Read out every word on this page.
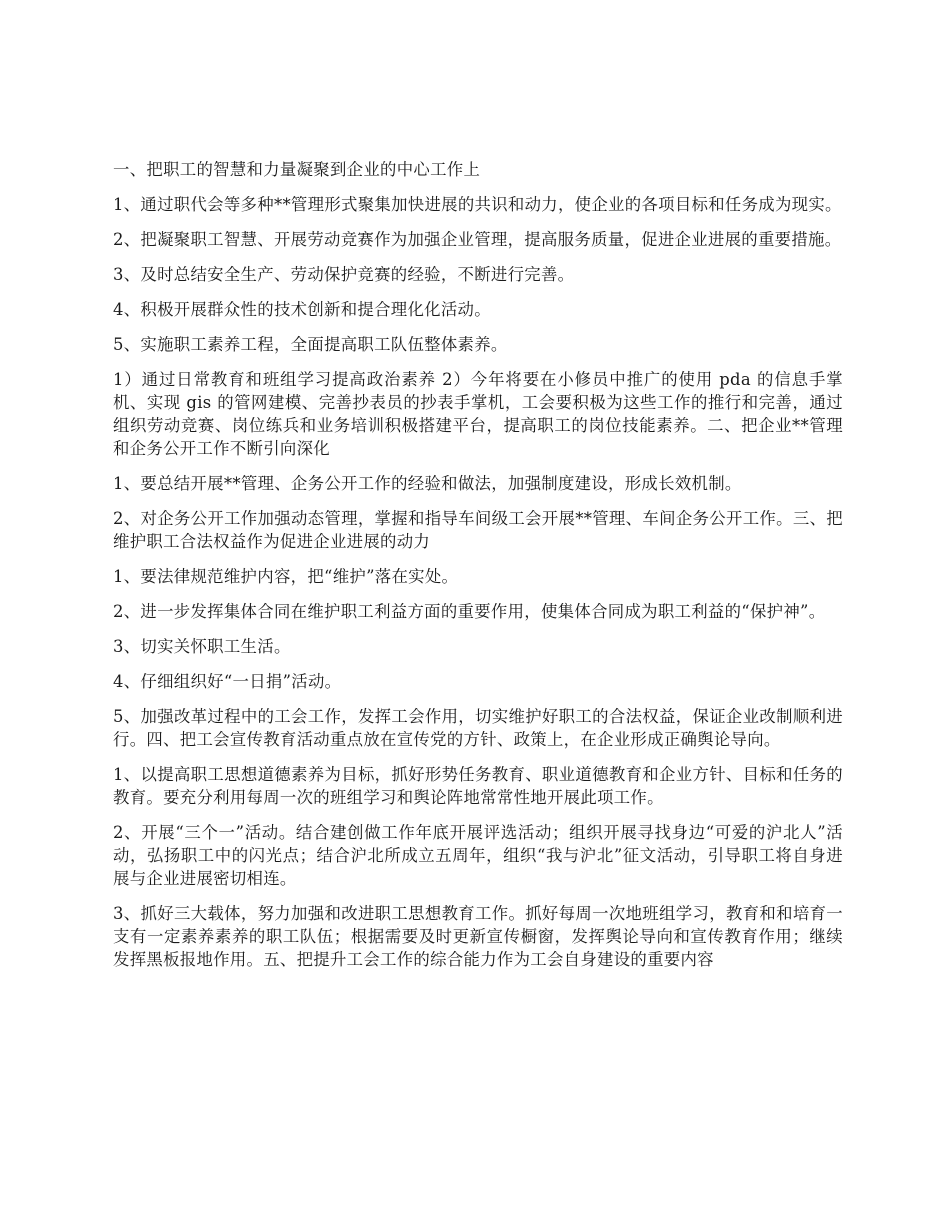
一、把职工的智慧和力量凝聚到企业的中心工作上

1、通过职代会等多种**管理形式聚集加快进展的共识和动力，使企业的各项目标和任务成为现实。

2、把凝聚职工智慧、开展劳动竞赛作为加强企业管理，提高服务质量，促进企业进展的重要措施。

3、及时总结安全生产、劳动保护竞赛的经验，不断进行完善。

4、积极开展群众性的技术创新和提合理化化活动。

5、实施职工素养工程，全面提高职工队伍整体素养。

1）通过日常教育和班组学习提高政治素养 2）今年将要在小修员中推广的使用 pda 的信息手掌机、实现 gis 的管网建模、完善抄表员的抄表手掌机，工会要积极为这些工作的推行和完善，通过组织劳动竞赛、岗位练兵和业务培训积极搭建平台，提高职工的岗位技能素养。二、把企业**管理和企务公开工作不断引向深化

1、要总结开展**管理、企务公开工作的经验和做法，加强制度建设，形成长效机制。

2、对企务公开工作加强动态管理，掌握和指导车间级工会开展**管理、车间企务公开工作。三、把维护职工合法权益作为促进企业进展的动力

1、要法律规范维护内容，把“维护”落在实处。

2、进一步发挥集体合同在维护职工利益方面的重要作用，使集体合同成为职工利益的“保护神”。

3、切实关怀职工生活。

4、仔细组织好“一日捐”活动。

5、加强改革过程中的工会工作，发挥工会作用，切实维护好职工的合法权益，保证企业改制顺利进行。四、把工会宣传教育活动重点放在宣传党的方针、政策上，在企业形成正确舆论导向。

1、以提高职工思想道德素养为目标，抓好形势任务教育、职业道德教育和企业方针、目标和任务的教育。要充分利用每周一次的班组学习和舆论阵地常常性地开展此项工作。

2、开展“三个一”活动。结合建创做工作年底开展评选活动；组织开展寻找身边“可爱的沪北人”活动，弘扬职工中的闪光点；结合沪北所成立五周年，组织“我与沪北”征文活动，引导职工将自身进展与企业进展密切相连。

3、抓好三大载体，努力加强和改进职工思想教育工作。抓好每周一次地班组学习，教育和和培育一支有一定素养素养的职工队伍；根据需要及时更新宣传橱窗，发挥舆论导向和宣传教育作用；继续发挥黑板报地作用。五、把提升工会工作的综合能力作为工会自身建设的重要内容
